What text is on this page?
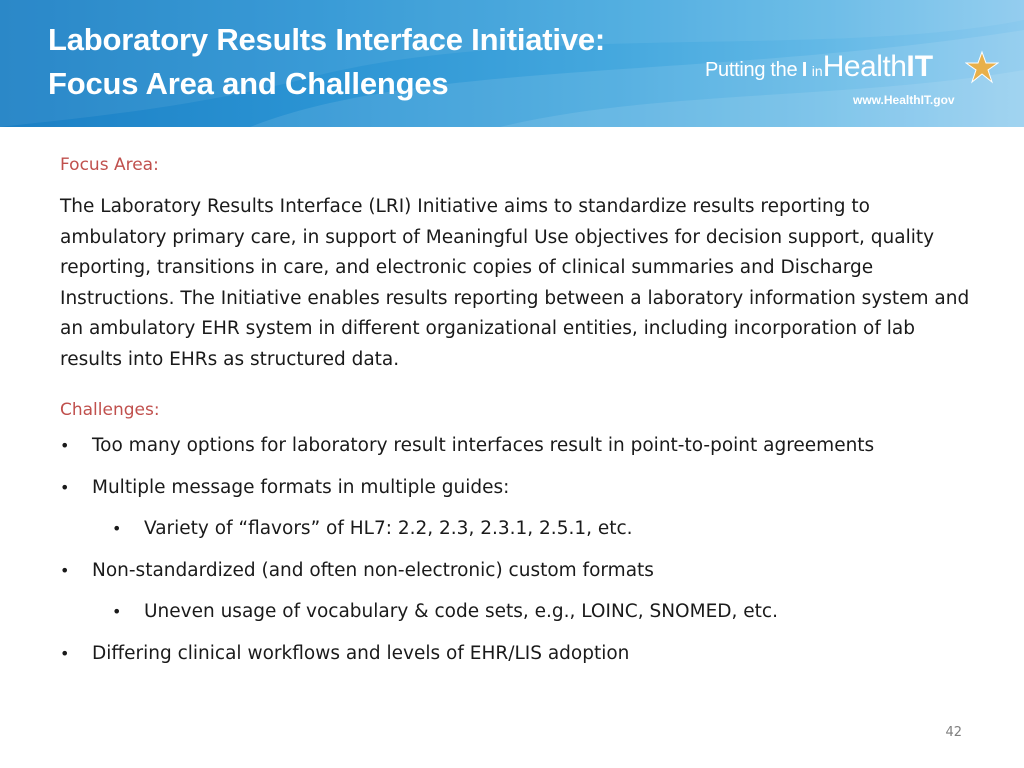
Laboratory Results Interface Initiative:
Focus Area and Challenges	Putting the I inHealthIT
www.HealthIT.gov
Focus Area:

The Laboratory Results Interface (LRI) Initiative aims to standardize results reporting to ambulatory primary care, in support of Meaningful Use objectives for decision support, quality reporting, transitions in care, and electronic copies of clinical summaries and Discharge Instructions. The Initiative enables results reporting between a laboratory information system and an ambulatory EHR system in different organizational entities, including incorporation of lab results into EHRs as structured data.

Challenges:
• Too many options for laboratory result interfaces result in point-to-point agreements
• Multiple message formats in multiple guides:
• Variety of “flavors” of HL7: 2.2, 2.3, 2.3.1, 2.5.1, etc.
• Non-standardized (and often non-electronic) custom formats
• Uneven usage of vocabulary & code sets, e.g., LOINC, SNOMED, etc.
• Differing clinical workflows and levels of EHR/LIS adoption
42
